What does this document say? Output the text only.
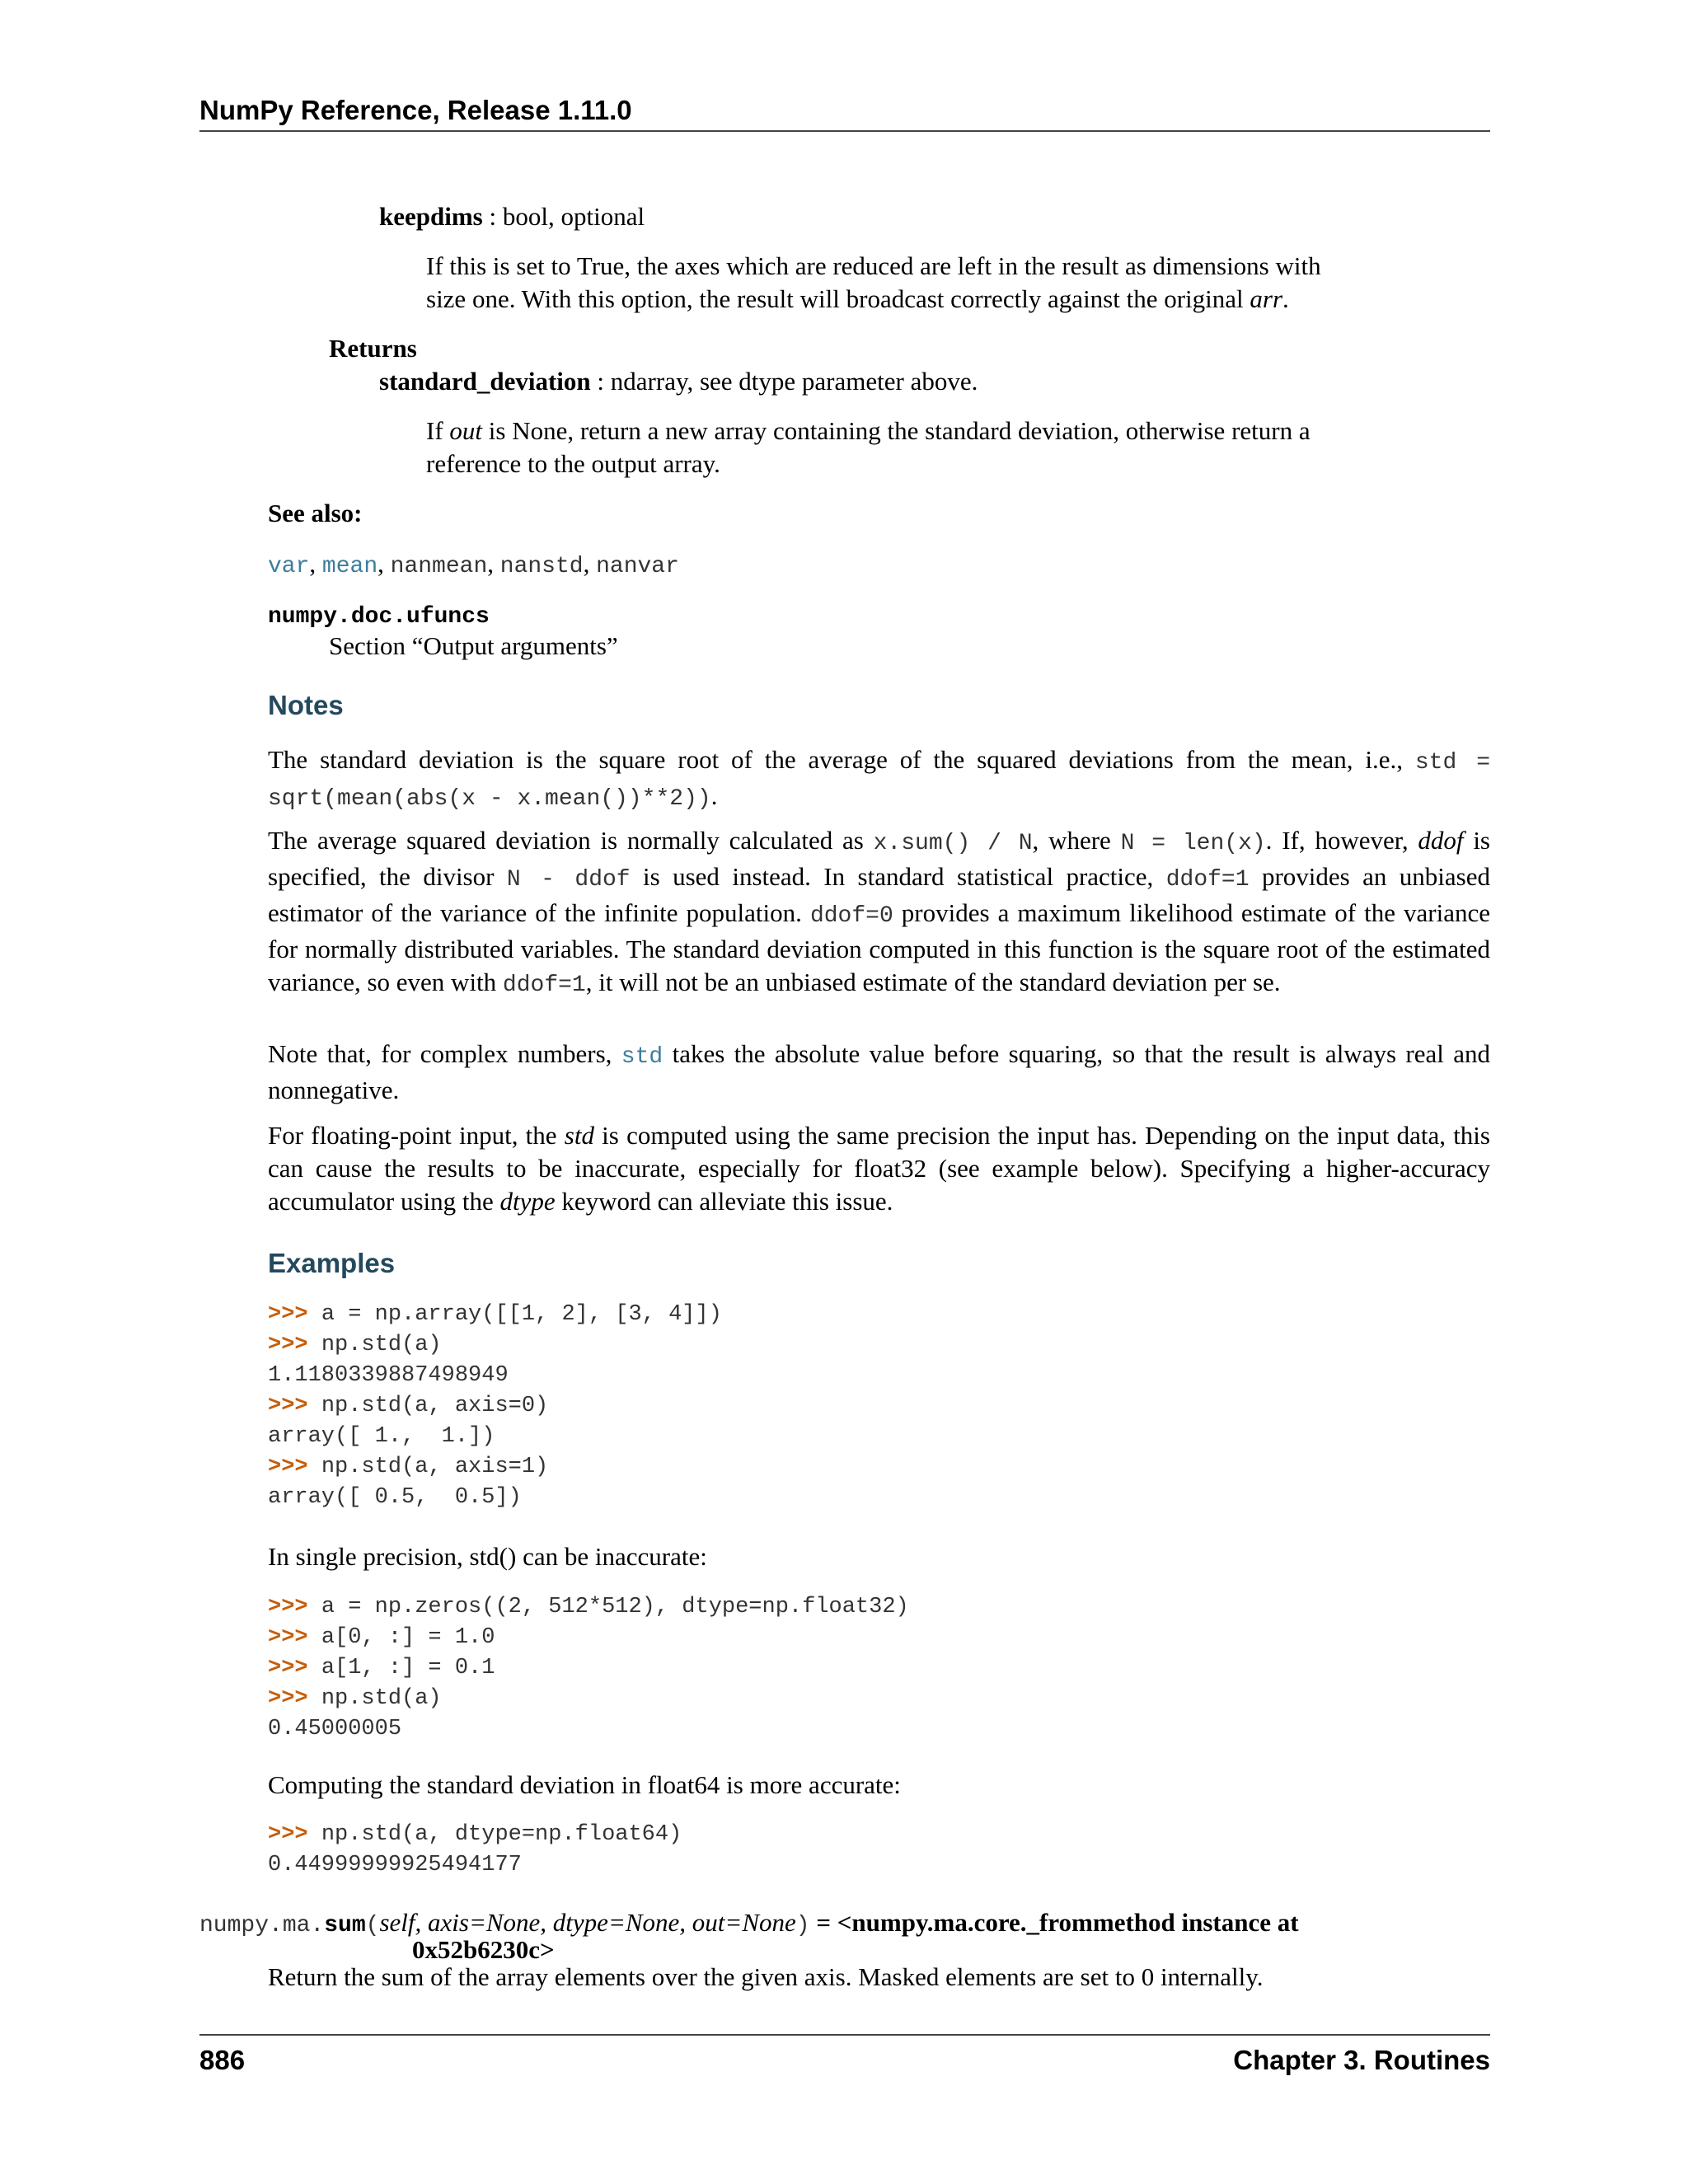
NumPy Reference, Release 1.11.0
keepdims : bool, optional
If this is set to True, the axes which are reduced are left in the result as dimensions with
size one. With this option, the result will broadcast correctly against the original arr.
Returns
standard_deviation : ndarray, see dtype parameter above.
If out is None, return a new array containing the standard deviation, otherwise return a
reference to the output array.
See also:
var, mean, nanmean, nanstd, nanvar
numpy.doc.ufuncs
Section “Output arguments”
Notes
The standard deviation is the square root of the average of the squared deviations from the mean, i.e., std = sqrt(mean(abs(x - x.mean())**2)).
The average squared deviation is normally calculated as x.sum() / N, where N = len(x). If, however, ddof is specified, the divisor N - ddof is used instead. In standard statistical practice, ddof=1 provides an unbiased estimator of the variance of the infinite population. ddof=0 provides a maximum likelihood estimate of the variance for normally distributed variables. The standard deviation computed in this function is the square root of the estimated variance, so even with ddof=1, it will not be an unbiased estimate of the standard deviation per se.
Note that, for complex numbers, std takes the absolute value before squaring, so that the result is always real and nonnegative.
For floating-point input, the std is computed using the same precision the input has. Depending on the input data, this can cause the results to be inaccurate, especially for float32 (see example below). Specifying a higher-accuracy accumulator using the dtype keyword can alleviate this issue.
Examples
>>> a = np.array([[1, 2], [3, 4]])
>>> np.std(a)
1.1180339887498949
>>> np.std(a, axis=0)
array([ 1.,  1.])
>>> np.std(a, axis=1)
array([ 0.5,  0.5])
In single precision, std() can be inaccurate:
>>> a = np.zeros((2, 512*512), dtype=np.float32)
>>> a[0, :] = 1.0
>>> a[1, :] = 0.1
>>> np.std(a)
0.45000005
Computing the standard deviation in float64 is more accurate:
>>> np.std(a, dtype=np.float64)
0.44999999925494177
numpy.ma.sum(self, axis=None, dtype=None, out=None) = <numpy.ma.core._frommethod instance at
0x52b6230c>
Return the sum of the array elements over the given axis. Masked elements are set to 0 internally.
886	Chapter 3. Routines
